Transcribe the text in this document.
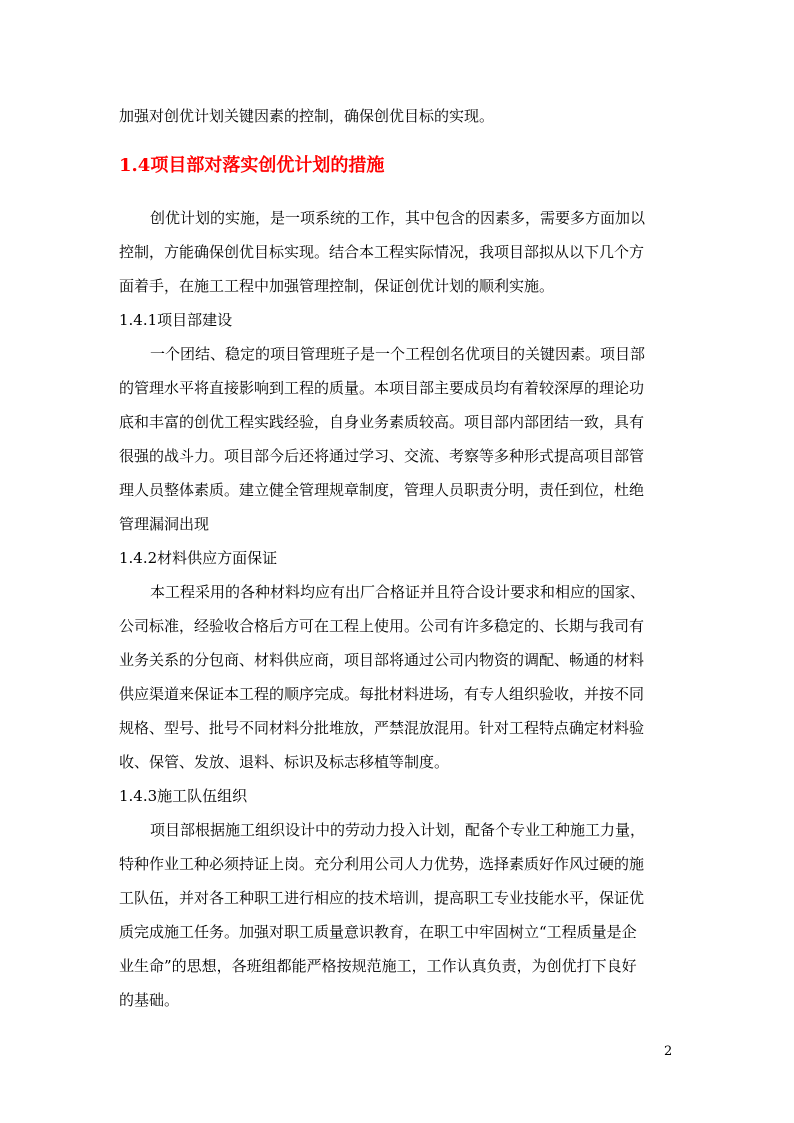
加强对创优计划关键因素的控制，确保创优目标的实现。
1.4项目部对落实创优计划的措施
创优计划的实施，是一项系统的工作，其中包含的因素多，需要多方面加以
控制，方能确保创优目标实现。结合本工程实际情况，我项目部拟从以下几个方
面着手，在施工工程中加强管理控制，保证创优计划的顺利实施。
1.4.1项目部建设
一个团结、稳定的项目管理班子是一个工程创名优项目的关键因素。项目部
的管理水平将直接影响到工程的质量。本项目部主要成员均有着较深厚的理论功
底和丰富的创优工程实践经验，自身业务素质较高。项目部内部团结一致，具有
很强的战斗力。项目部今后还将通过学习、交流、考察等多种形式提高项目部管
理人员整体素质。建立健全管理规章制度，管理人员职责分明，责任到位，杜绝
管理漏洞出现
1.4.2材料供应方面保证
本工程采用的各种材料均应有出厂合格证并且符合设计要求和相应的国家、
公司标准，经验收合格后方可在工程上使用。公司有许多稳定的、长期与我司有
业务关系的分包商、材料供应商，项目部将通过公司内物资的调配、畅通的材料
供应渠道来保证本工程的顺序完成。每批材料进场，有专人组织验收，并按不同
规格、型号、批号不同材料分批堆放，严禁混放混用。针对工程特点确定材料验
收、保管、发放、退料、标识及标志移植等制度。
1.4.3施工队伍组织
项目部根据施工组织设计中的劳动力投入计划，配备个专业工种施工力量，
特种作业工种必须持证上岗。充分利用公司人力优势，选择素质好作风过硬的施
工队伍，并对各工种职工进行相应的技术培训，提高职工专业技能水平，保证优
质完成施工任务。加强对职工质量意识教育，在职工中牢固树立“工程质量是企
业生命”的思想，各班组都能严格按规范施工，工作认真负责，为创优打下良好
的基础。
2
